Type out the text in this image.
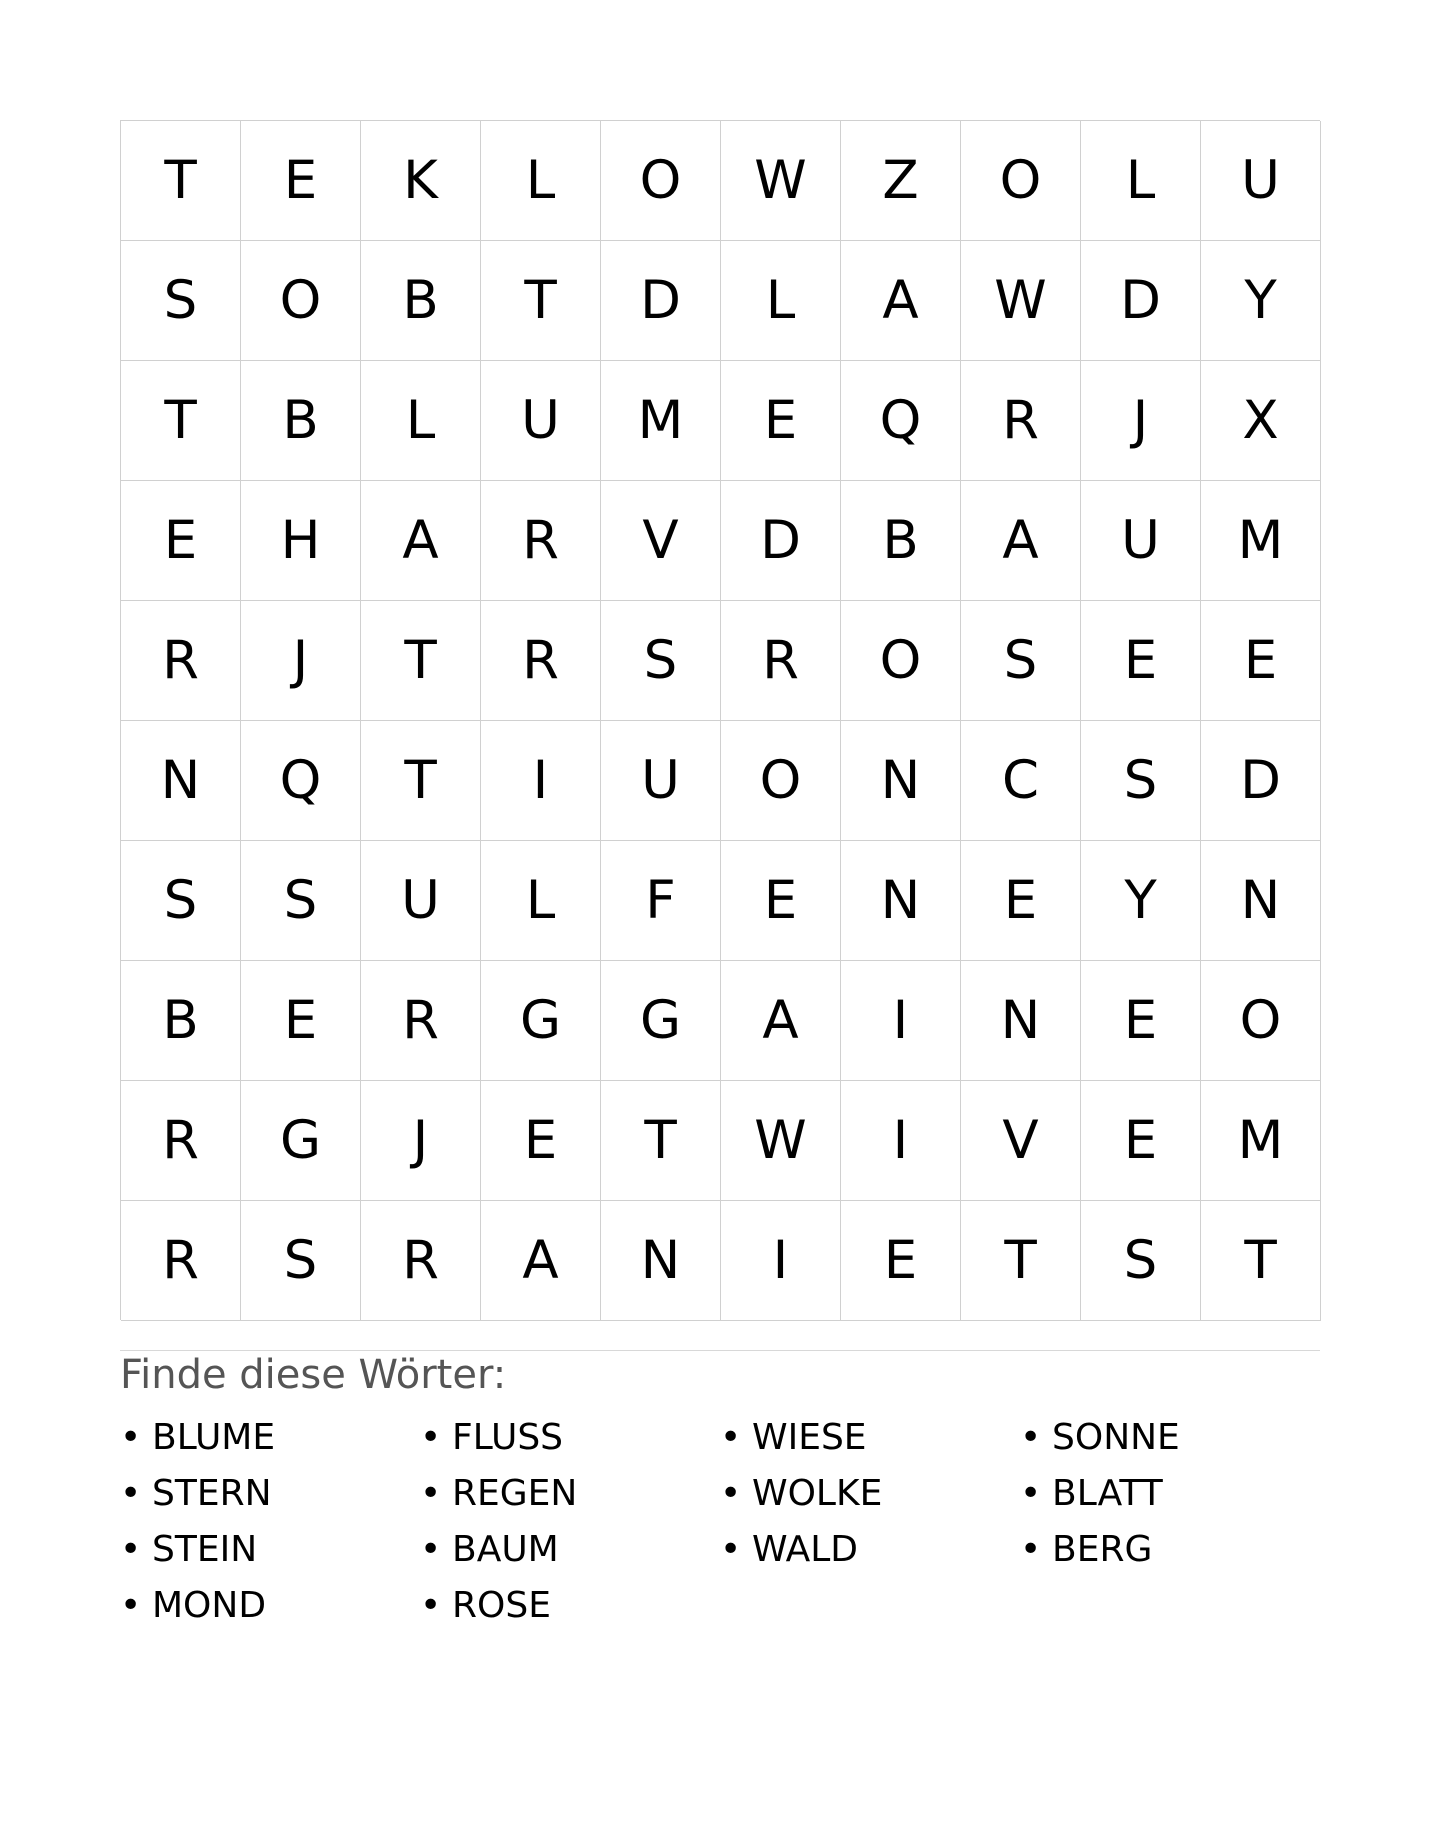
T	E	K	L	O	W	Z	O	L	U
S	O	B	T	D	L	A	W	D	Y
T	B	L	U	M	E	Q	R	J	X
E	H	A	R	V	D	B	A	U	M
R	J	T	R	S	R	O	S	E	E
N	Q	T	I	U	O	N	C	S	D
S	S	U	L	F	E	N	E	Y	N
B	E	R	G	G	A	I	N	E	O
R	G	J	E	T	W	I	V	E	M
R	S	R	A	N	I	E	T	S	T
Finde diese Wörter:
• BLUME	• FLUSS	• WIESE	• SONNE
• STERN	• REGEN	• WOLKE	• BLATT
• STEIN	• BAUM	• WALD	• BERG
• MOND	• ROSE
